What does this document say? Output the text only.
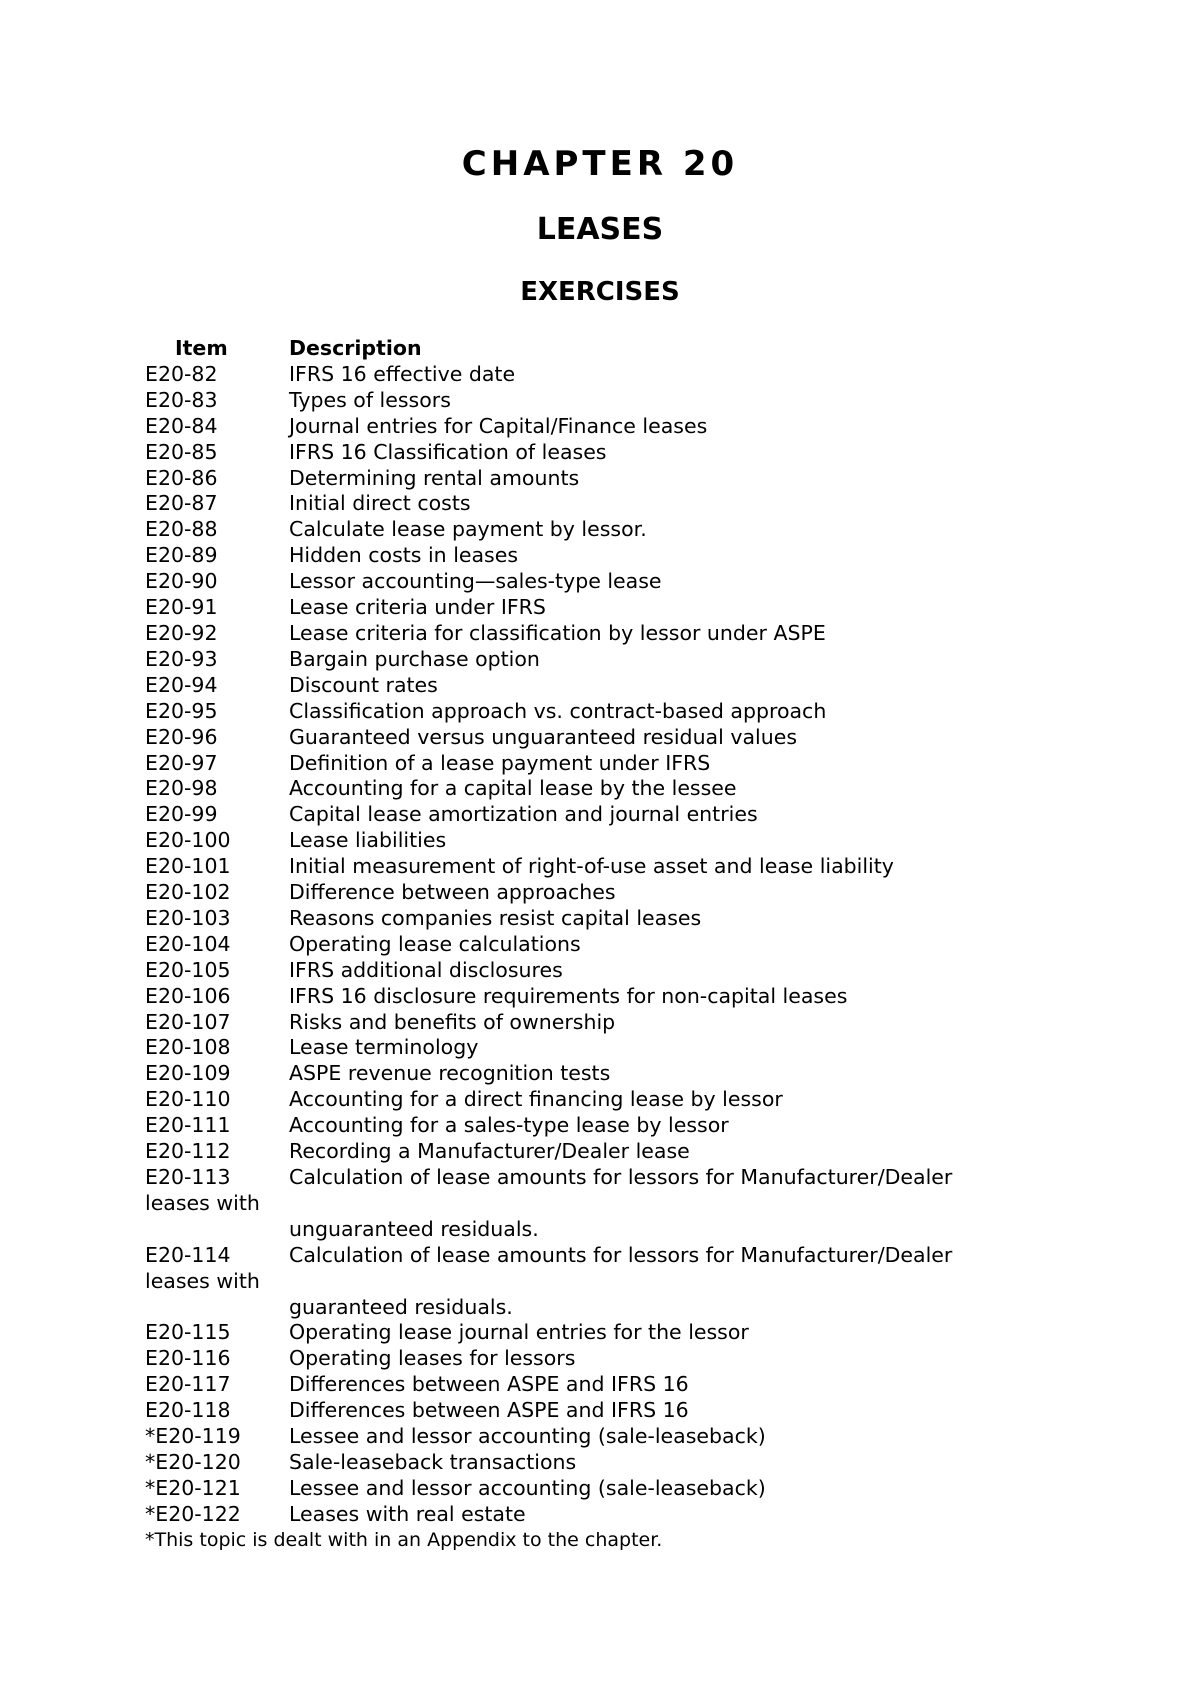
CHAPTER 20
LEASES
EXERCISES
Item	Description
E20-82	IFRS 16 effective date
E20-83	Types of lessors
E20-84	Journal entries for Capital/Finance leases
E20-85	IFRS 16 Classification of leases
E20-86	Determining rental amounts
E20-87	Initial direct costs
E20-88	Calculate lease payment by lessor.
E20-89	Hidden costs in leases
E20-90	Lessor accounting—sales-type lease
E20-91	Lease criteria under IFRS
E20-92	Lease criteria for classification by lessor under ASPE
E20-93	Bargain purchase option
E20-94	Discount rates
E20-95	Classification approach vs. contract-based approach
E20-96	Guaranteed versus unguaranteed residual values
E20-97	Definition of a lease payment under IFRS
E20-98	Accounting for a capital lease by the lessee
E20-99	Capital lease amortization and journal entries
E20-100	Lease liabilities
E20-101	Initial measurement of right-of-use asset and lease liability
E20-102	Difference between approaches
E20-103	Reasons companies resist capital leases
E20-104	Operating lease calculations
E20-105	IFRS additional disclosures
E20-106	IFRS 16 disclosure requirements for non-capital leases
E20-107	Risks and benefits of ownership
E20-108	Lease terminology
E20-109	ASPE revenue recognition tests
E20-110	Accounting for a direct financing lease by lessor
E20-111	Accounting for a sales-type lease by lessor
E20-112	Recording a Manufacturer/Dealer lease
E20-113	Calculation of lease amounts for lessors for Manufacturer/Dealer
leases with
unguaranteed residuals.
E20-114	Calculation of lease amounts for lessors for Manufacturer/Dealer
leases with
guaranteed residuals.
E20-115	Operating lease journal entries for the lessor
E20-116	Operating leases for lessors
E20-117	Differences between ASPE and IFRS 16
E20-118	Differences between ASPE and IFRS 16
*E20-119	Lessee and lessor accounting (sale-leaseback)
*E20-120	Sale-leaseback transactions
*E20-121	Lessee and lessor accounting (sale-leaseback)
*E20-122	Leases with real estate
*This topic is dealt with in an Appendix to the chapter.
